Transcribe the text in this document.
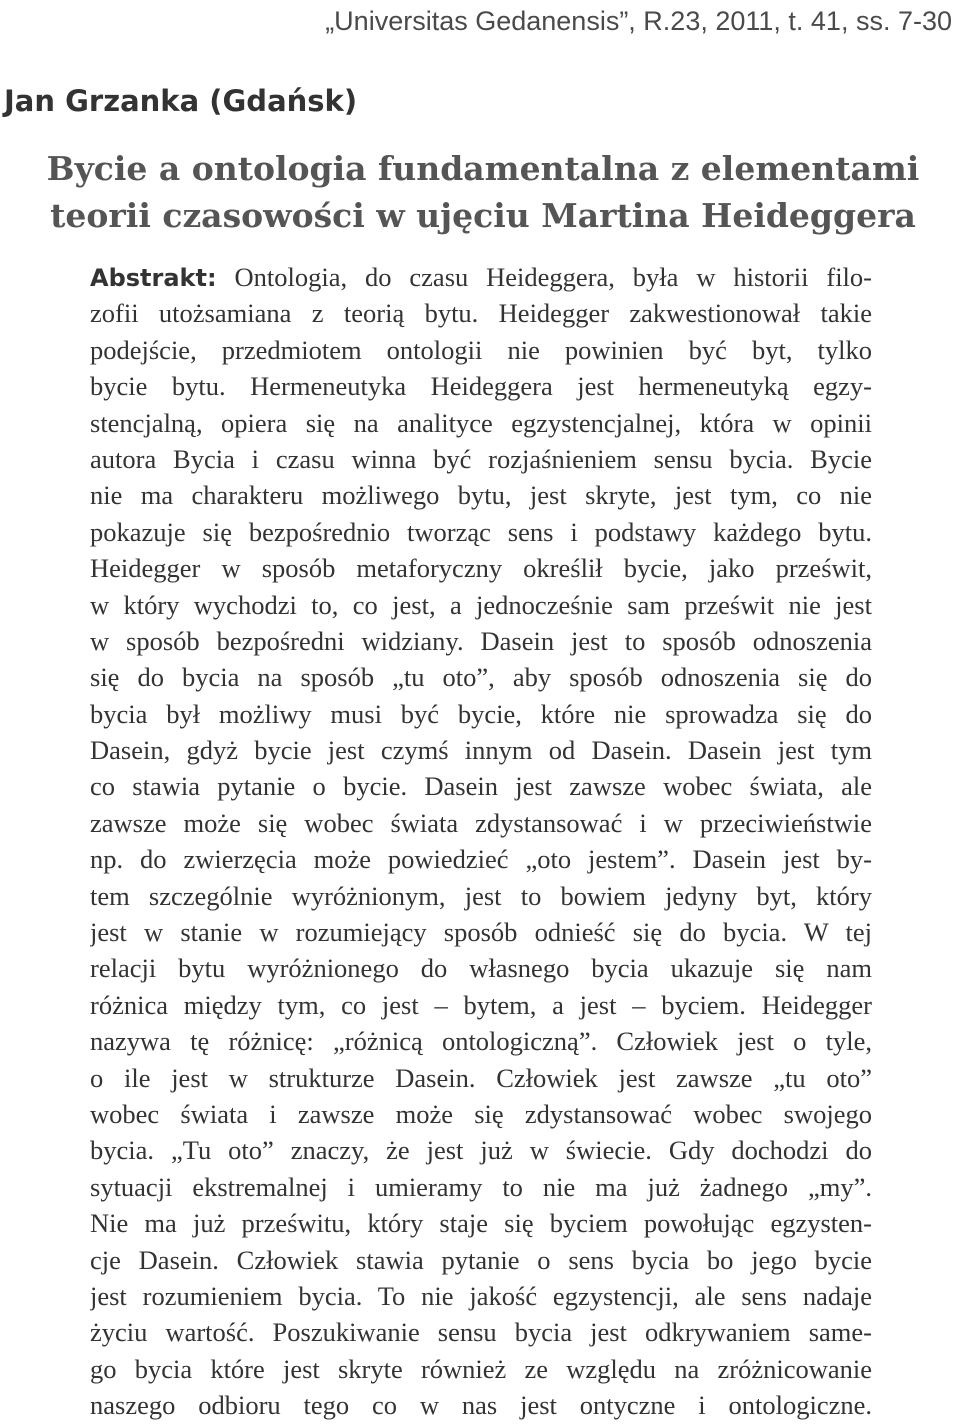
„Universitas Gedanensis”, R.23, 2011, t. 41, ss. 7-30

Jan Grzanka (Gdańsk)

Bycie a ontologia fundamentalna z elementami
teorii czasowości w ujęciu Martina Heideggera
Abstrakt: Ontologia, do czasu Heideggera, była w historii filo-
zofii utożsamiana z teorią bytu. Heidegger zakwestionował takie
podejście, przedmiotem ontologii nie powinien być byt, tylko
bycie bytu. Hermeneutyka Heideggera jest hermeneutyką egzy-
stencjalną, opiera się na analityce egzystencjalnej, która w opinii
autora Bycia i czasu winna być rozjaśnieniem sensu bycia. Bycie
nie ma charakteru możliwego bytu, jest skryte, jest tym, co nie
pokazuje się bezpośrednio tworząc sens i podstawy każdego bytu.
Heidegger w sposób metaforyczny określił bycie, jako prześwit,
w który wychodzi to, co jest, a jednocześnie sam prześwit nie jest
w sposób bezpośredni widziany. Dasein jest to sposób odnoszenia
się do bycia na sposób „tu oto”, aby sposób odnoszenia się do
bycia był możliwy musi być bycie, które nie sprowadza się do
Dasein, gdyż bycie jest czymś innym od Dasein. Dasein jest tym
co stawia pytanie o bycie. Dasein jest zawsze wobec świata, ale
zawsze może się wobec świata zdystansować i w przeciwieństwie
np. do zwierzęcia może powiedzieć „oto jestem”. Dasein jest by-
tem szczególnie wyróżnionym, jest to bowiem jedyny byt, który
jest w stanie w rozumiejący sposób odnieść się do bycia. W tej
relacji bytu wyróżnionego do własnego bycia ukazuje się nam
różnica między tym, co jest – bytem, a jest – byciem. Heidegger
nazywa tę różnicę: „różnicą ontologiczną”. Człowiek jest o tyle,
o ile jest w strukturze Dasein. Człowiek jest zawsze „tu oto”
wobec świata i zawsze może się zdystansować wobec swojego
bycia. „Tu oto” znaczy, że jest już w świecie. Gdy dochodzi do
sytuacji ekstremalnej i umieramy to nie ma już żadnego „my”.
Nie ma już prześwitu, który staje się byciem powołując egzysten-
cje Dasein. Człowiek stawia pytanie o sens bycia bo jego bycie
jest rozumieniem bycia. To nie jakość egzystencji, ale sens nadaje
życiu wartość. Poszukiwanie sensu bycia jest odkrywaniem same-
go bycia które jest skryte również ze względu na zróżnicowanie
naszego odbioru tego co w nas jest ontyczne i ontologiczne.
